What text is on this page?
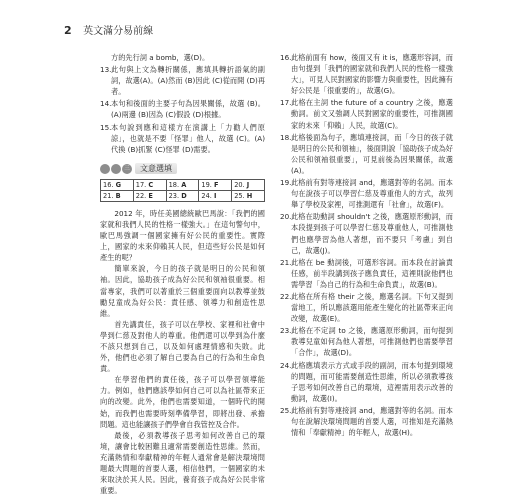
2 英文滿分易前線

方的先行詞 a bomb，選(D)。

13. 此句與上文為轉折關係，應填具轉折語氣的副詞，故選(A)。(A)然而 (B)因此 (C)從而開 (D)再者。
14. 本句和後面的主要子句為因果關係，故選 (B)。(A)兩邊 (B)因為 (C)假設 (D)根據。
15. 本句說到應和這樣方在演講上「力勸人們原諒」，也就是不要「怪罪」他人，故選 (C)。(A)代換 (B)抓緊 (C)怪罪 (D)需要。
三	文意選填
16. G	17. C	18. A	19. F	20. J
21. B	22. E	23. D	24. I	25. H

2012 年，時任美國總統歐巴馬說：「我們的國家就和我們人民的性格一樣強大。」在這句警句中，歐巴馬強調一個國家擁有好公民的重要性。實際上，國家的未來仰賴其人民，但這些好公民是如何產生的呢？

簡單來說，今日的孩子就是明日的公民和領袖。因此，協助孩子成為好公民和領袖很重要。相當專家，我們可以著重於三個重要面向以教導並鼓勵兒童成為好公民：責任感、領導力和創造性思維。

首先講責任，孩子可以在學校、家裡和社會中學到仁慈及對他人的尊重。他們還可以學到為什麼不該只想到自己，以及如何處理情感和失敗。此外，他們也必須了解自己要為自己的行為和生命負責。

在學習他們的責任後，孩子可以學習領導能力。例如，他們應該學如何自己可以為社區帶來正向的改變。此外，他們也需要知道，一個時代的開始，而我們也需要時刻準備學習，即將出發、承擔問題。這也能讓孩子們學會自我管控及合作。

最後，必須教導孩子思考如何改善自己的環境，讓會比較困難且適常需要創造性思維。然而，充滿熱情和奉獻精神的年輕人通常會是解決環境問題最大問題的首要人選，相信他們，一個國家的未來取決於其人民。因此，養育孩子成為好公民非常重要。

16. 此格前面有 how，後面又有 it is，應選形容詞，而由句提到「我們的國家就和我們人民的性格一樣強大」，可見人民對國家的影響力與重要性，因此擁有好公民是「很重要的」，故選(G)。
17. 此格在主詞 the future of a country 之後，應選動詞。前文又強調人民對國家的重要性，可推測國家的未來「仰賴」人民，故選(C)。
18. 此格後面為句子，應填連接詞，而「今日的孩子就是明日的公民和領袖」，後面則說「協助孩子成為好公民和領袖很重要」，可見前後為因果關係，故選(A)。
19. 此格前有對等連接詞 and，應選對等的名詞。而本句在說孩子可以學習仁慈及尊重他人的方式，故列舉了學校及家裡，可推測還有「社會」，故選(F)。
20. 此格在助動詞 shouldn't 之後，應選原形動詞，而本段提到孩子可以學習仁慈及尊重他人，可推測他們也應學習為他人著想，而不要只「考慮」到自己，故選(J)。
21. 此格在 be 動詞後，可選形容詞。而本段在討論責任感，前半段講到孩子應負責任，這裡則說他們也需學習「為自己的行為和生命負責」，故選(B)。
22. 此格在所有格 their 之後，應選名詞。下句又提到當地工，所以應該選用能產生變化的社區帶來正向改變，故選(E)。
23. 此格在不定詞 to 之後，應選原形動詞，而句提到教導兒童如何為他人著想，可推測他們也需要學習「合作」，故選(D)。
24. 此格應填表示方式或手段的副詞，而本句提到環境的問題，而可能需要創造性思維，所以必須教導孩子思考如何改善自己的環境，這裡需用表示改善的動詞，故選(I)。
25. 此格前有對等連接詞 and，應選對等的名詞。而本句在說解決環境問題的首要人選，可推知是充滿熱情和「奉獻精神」的年輕人，故選(H)。
